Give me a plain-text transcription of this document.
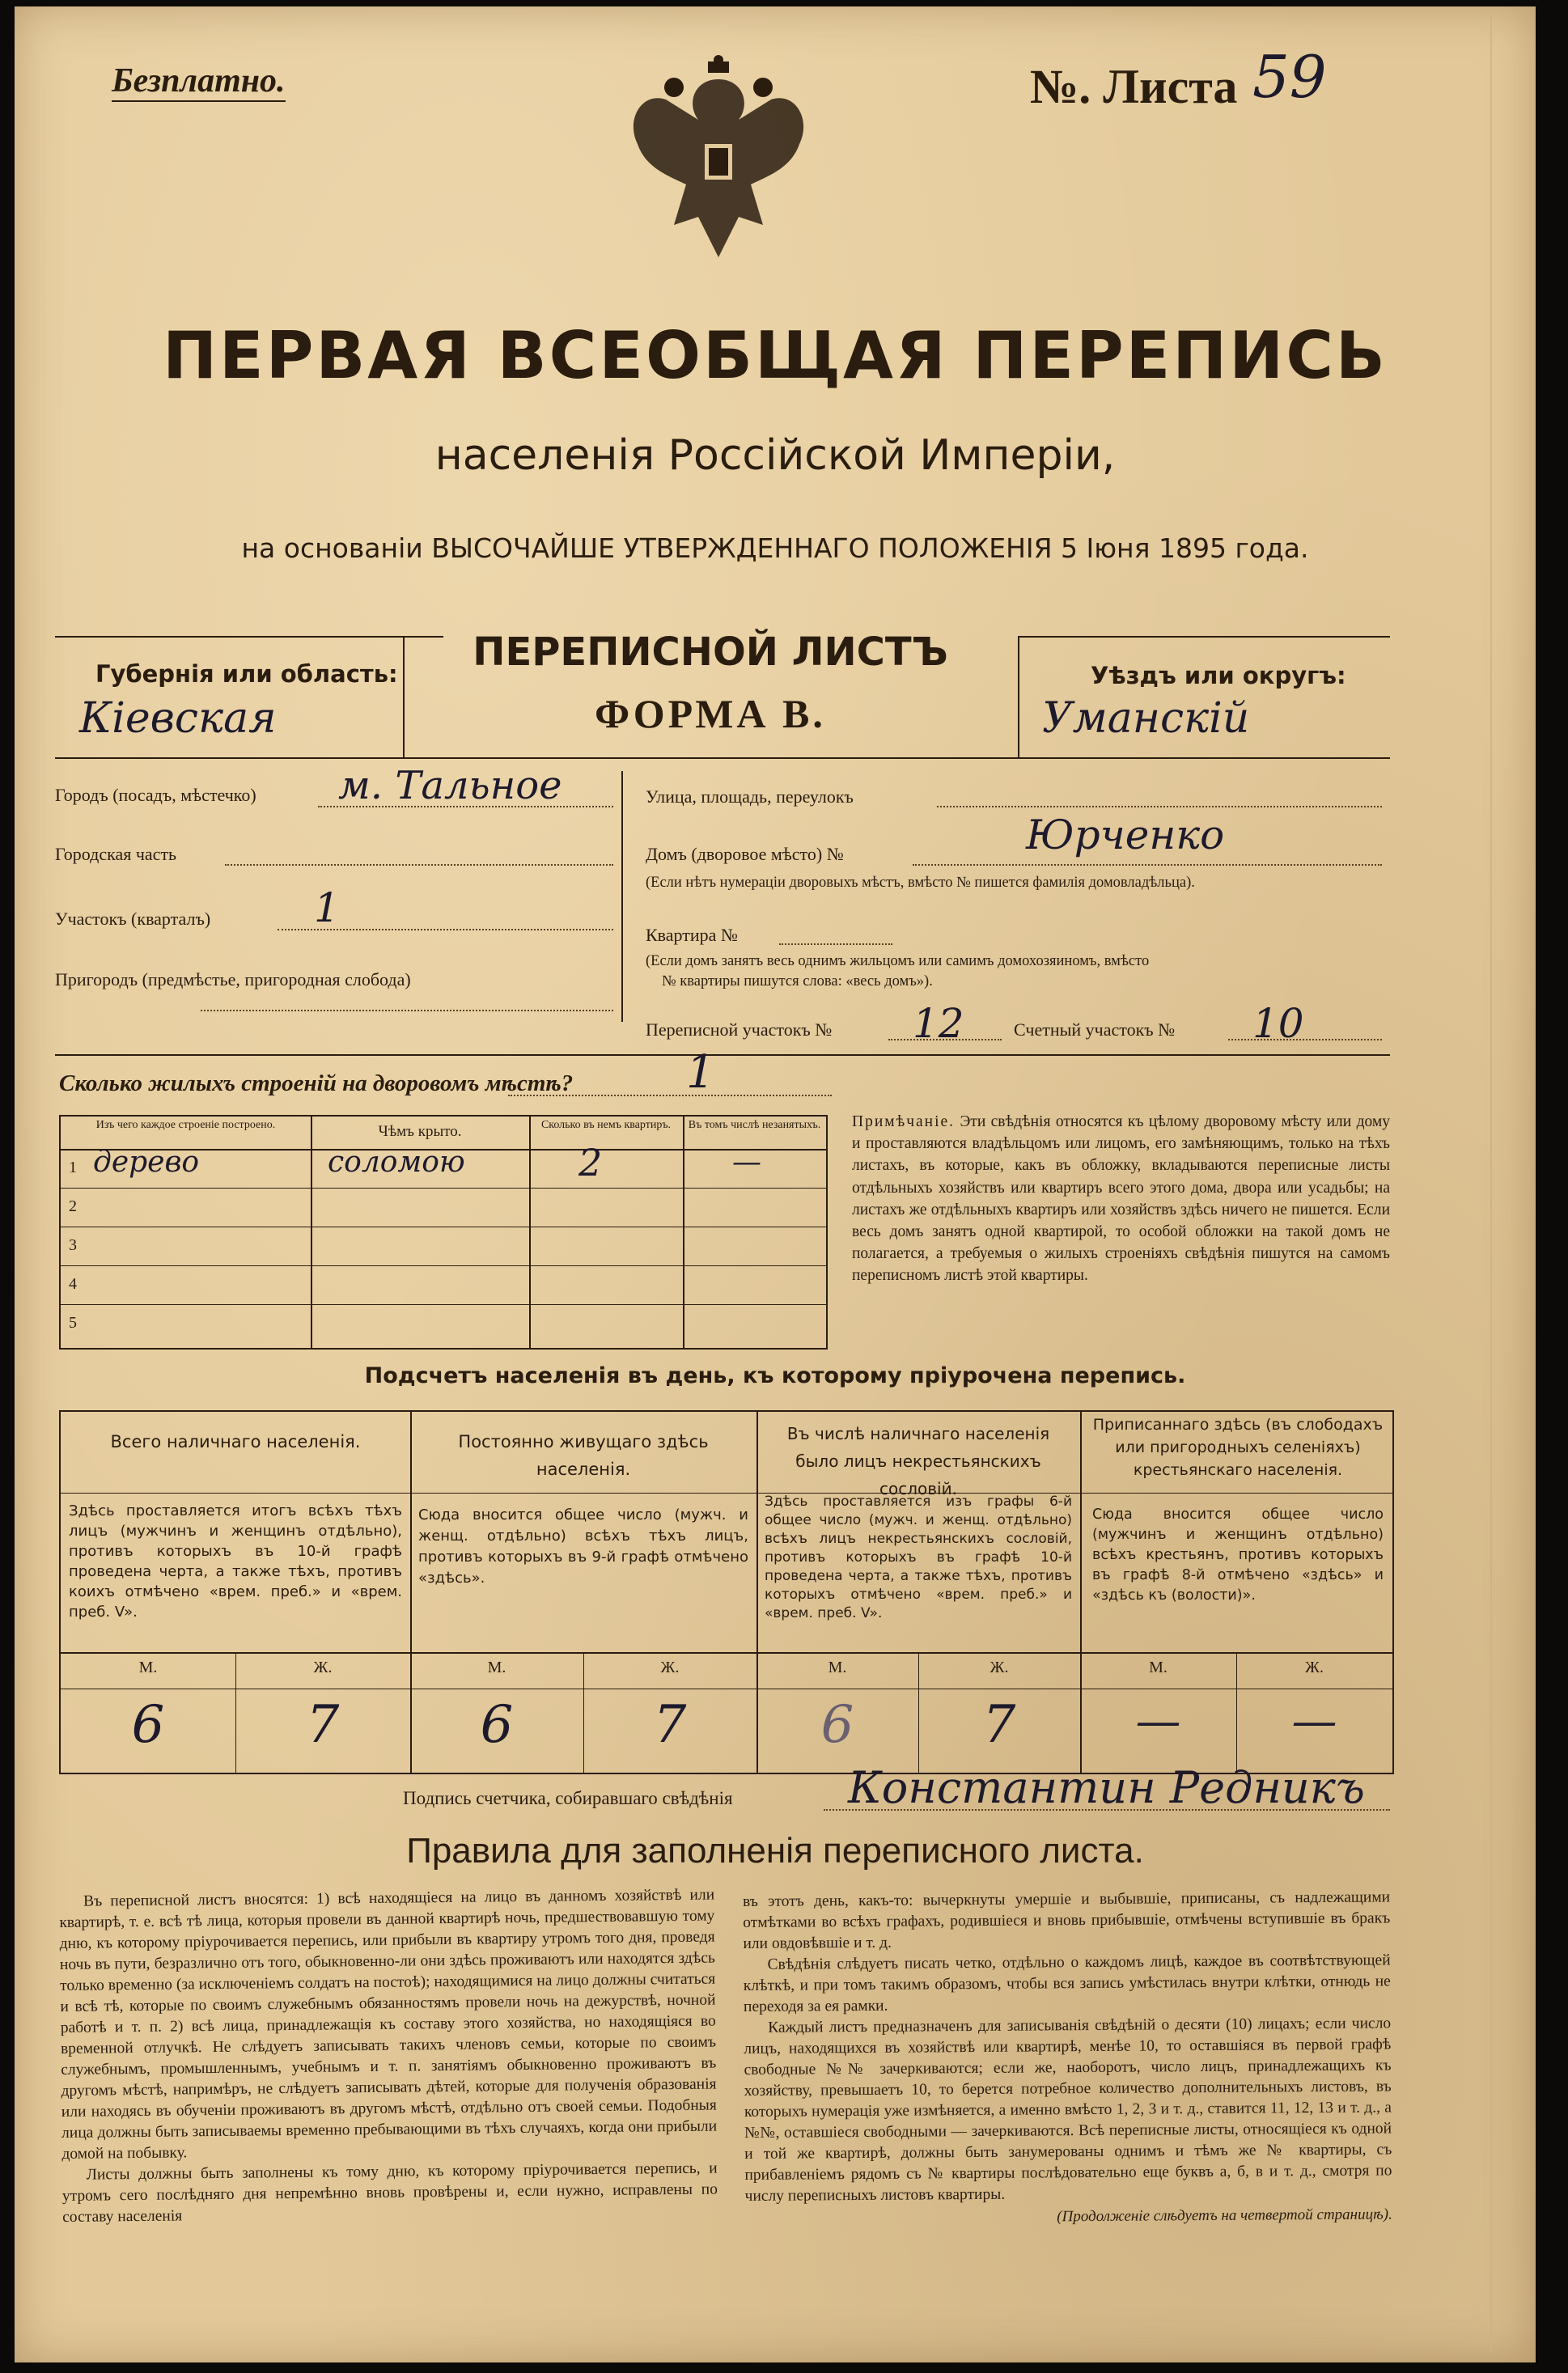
Безплатно.	№. Листа 59
ПЕРВАЯ ВСЕОБЩАЯ ПЕРЕПИСЬ
населенія Россійской Имперіи,
на основаніи ВЫСОЧАЙШЕ УТВЕРЖДЕННАГО ПОЛОЖЕНІЯ 5 Іюня 1895 года.
Губернія или область:
Кіевская
ПЕРЕПИСНОЙ ЛИСТЪ
ФОРМА В.
Уѣздъ или округъ:
Уманскій
Городъ (посадъ, мѣстечко) м. Тальное
Городская часть
Участокъ (кварталъ)	1
Пригородъ (предмѣстье, пригородная слобода)
Улица, площадь, переулокъ
Домъ (дворовое мѣсто) №	Юрченко
(Если нѣтъ нумераціи дворовыхъ мѣстъ, вмѣсто № пишется фамилія домовладѣльца).
Квартира №
(Если домъ занятъ весь однимъ жильцомъ или самимъ домохозяиномъ, вмѣсто
№ квартиры пишутся слова: «весь домъ»).
Переписной участокъ № 12	Счетный участокъ № 10
Сколько жилыхъ строеній на дворовомъ мѣстѣ? 1
Изъ чего каждое строеніе построено.	Чѣмъ крыто.	Сколько въ немъ квартиръ.	Въ томъ числѣ незанятыхъ.
1 дерево	соломою	2	—
2
3
4
5
Примѣчаніе. Эти свѣдѣнія относятся къ цѣлому дворовому мѣсту или дому и проставляются владѣльцомъ или лицомъ, его замѣняющимъ, только на тѣхъ листахъ, въ которые, какъ въ обложку, вкладываются переписные листы отдѣльныхъ хозяйствъ или квартиръ всего этого дома, двора или усадьбы; на листахъ же отдѣльныхъ квартиръ или хозяйствъ здѣсь ничего не пишется. Если весь домъ занятъ одной квартирой, то особой обложки на такой домъ не полагается, а требуемыя о жилыхъ строеніяхъ свѣдѣнія пишутся на самомъ переписномъ листѣ этой квартиры.
Подсчетъ населенія въ день, къ которому пріурочена перепись.
Всего наличнаго населенія.
Здѣсь проставляется итогъ всѣхъ тѣхъ лицъ (мужчинъ и женщинъ отдѣльно), противъ которыхъ въ 10-й графѣ проведена черта, а также тѣхъ, противъ коихъ отмѣчено «врем. преб.» и «врем. преб. V».
М.	Ж.
6	7
Постоянно живущаго здѣсь населенія.
Сюда вносится общее число (мужч. и женщ. отдѣльно) всѣхъ тѣхъ лицъ, противъ которыхъ въ 9-й графѣ отмѣчено «здѣсь».
М.	Ж.
6	7
Въ числѣ наличнаго населенія было лицъ некрестьянскихъ сословій.
Здѣсь проставляется изъ графы 6-й общее число (мужч. и женщ. отдѣльно) всѣхъ лицъ некрестьянскихъ сословій, противъ которыхъ въ графѣ 10-й проведена черта, а также тѣхъ, противъ которыхъ отмѣчено «врем. преб.» и «врем. преб. V».
М.	Ж.
6	7
Приписаннаго здѣсь (въ слободахъ или пригородныхъ селеніяхъ) крестьянскаго населенія.
Сюда вносится общее число (мужчинъ и женщинъ отдѣльно) всѣхъ крестьянъ, противъ которыхъ въ графѣ 8-й отмѣчено «здѣсь» и «здѣсь къ (волости)».
М.	Ж.
—	—
Подпись счетчика, собиравшаго свѣдѣнія	Константин Редникъ
Правила для заполненія переписного листа.

Въ переписной листъ вносятся: 1) всѣ находящіеся на лицо въ данномъ хозяйствѣ или квартирѣ, т. е. всѣ тѣ лица, которыя провели въ данной квартирѣ ночь, предшествовавшую тому дню, къ которому пріурочивается перепись, или прибыли въ квартиру утромъ того дня, проведя ночь въ пути, безразлично отъ того, обыкновенно-ли они здѣсь проживаютъ или находятся здѣсь только временно (за исключеніемъ солдатъ на постоѣ); находящимися на лицо должны считаться и всѣ тѣ, которые по своимъ служебнымъ обязанностямъ провели ночь на дежурствѣ, ночной работѣ и т. п. 2) всѣ лица, принадлежащія къ составу этого хозяйства, но находящіяся во временной отлучкѣ. Не слѣдуетъ записывать такихъ членовъ семьи, которые по своимъ служебнымъ, промышленнымъ, учебнымъ и т. п. занятіямъ обыкновенно проживаютъ въ другомъ мѣстѣ, напримѣръ, не слѣдуетъ записывать дѣтей, которые для полученія образованія или находясь въ обученіи проживаютъ въ другомъ мѣстѣ, отдѣльно отъ своей семьи. Подобныя лица должны быть записываемы временно пребывающими въ тѣхъ случаяхъ, когда они прибыли домой на побывку.

Листы должны быть заполнены къ тому дню, къ которому пріурочивается перепись, и утромъ сего послѣдняго дня непремѣнно вновь провѣрены и, если нужно, исправлены по составу населенія

въ этотъ день, какъ-то: вычеркнуты умершіе и выбывшіе, приписаны, съ надлежащими отмѣтками во всѣхъ графахъ, родившіеся и вновь прибывшіе, отмѣчены вступившіе въ бракъ или овдовѣвшіе и т. д.

Свѣдѣнія слѣдуетъ писать четко, отдѣльно о каждомъ лицѣ, каждое въ соотвѣтствующей клѣткѣ, и при томъ такимъ образомъ, чтобы вся запись умѣстилась внутри клѣтки, отнюдь не переходя за ея рамки.

Каждый листъ предназначенъ для записыванія свѣдѣній о десяти (10) лицахъ; если число лицъ, находящихся въ хозяйствѣ или квартирѣ, менѣе 10, то оставшіяся въ первой графѣ свободные №№ зачеркиваются; если же, наоборотъ, число лицъ, принадлежащихъ къ хозяйству, превышаетъ 10, то берется потребное количество дополнительныхъ листовъ, въ которыхъ нумерація уже измѣняется, а именно вмѣсто 1, 2, 3 и т. д., ставится 11, 12, 13 и т. д., а №№, оставшіеся свободными — зачеркиваются. Всѣ переписные листы, относящіеся къ одной и той же квартирѣ, должны быть занумерованы однимъ и тѣмъ же № квартиры, съ прибавленіемъ рядомъ съ № квартиры послѣдовательно еще буквъ а, б, в и т. д., смотря по числу переписныхъ листовъ квартиры.

(Продолженіе слѣдуетъ на четвертой страницѣ).
